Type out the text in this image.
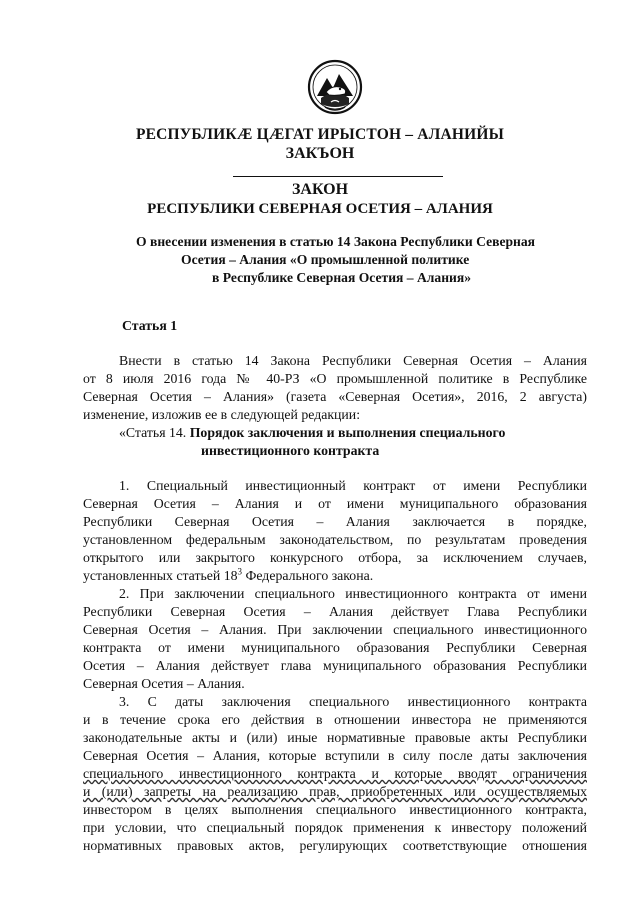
РЕСПУБЛИКӔ ЦӔГАТ ИРЫСТОН – АЛАНИЙЫ
ЗАКЪОН
ЗАКОН
РЕСПУБЛИКИ СЕВЕРНАЯ ОСЕТИЯ – АЛАНИЯ
О внесении изменения в статью 14 Закона Республики Северная
Осетия – Алания «О промышленной политике
в Республике Северная Осетия – Алания»
Статья 1
Внести в статью 14 Закона Республики Северная Осетия – Алания
от 8 июля 2016 года № 40-РЗ «О промышленной политике в Республике
Северная Осетия – Алания» (газета «Северная Осетия», 2016, 2 августа)
изменение, изложив ее в следующей редакции:
«Статья 14. Порядок заключения и выполнения специального
инвестиционного контракта
1. Специальный инвестиционный контракт от имени Республики
Северная Осетия – Алания и от имени муниципального образования
Республики Северная Осетия – Алания заключается в порядке,
установленном федеральным законодательством, по результатам проведения
открытого или закрытого конкурсного отбора, за исключением случаев,
установленных статьей $18^3$ Федерального закона.
2. При заключении специального инвестиционного контракта от имени
Республики Северная Осетия – Алания действует Глава Республики
Северная Осетия – Алания. При заключении специального инвестиционного
контракта от имени муниципального образования Республики Северная
Осетия – Алания действует глава муниципального образования Республики
Северная Осетия – Алания.
3. С даты заключения специального инвестиционного контракта
и в течение срока его действия в отношении инвестора не применяются
законодательные акты и (или) иные нормативные правовые акты Республики
Северная Осетия – Алания, которые вступили в силу после даты заключения
специального инвестиционного контракта и которые вводят ограничения
и (или) запреты на реализацию прав, приобретенных или осуществляемых
инвестором в целях выполнения специального инвестиционного контракта,
при условии, что специальный порядок применения к инвестору положений
нормативных правовых актов, регулирующих соответствующие отношения
